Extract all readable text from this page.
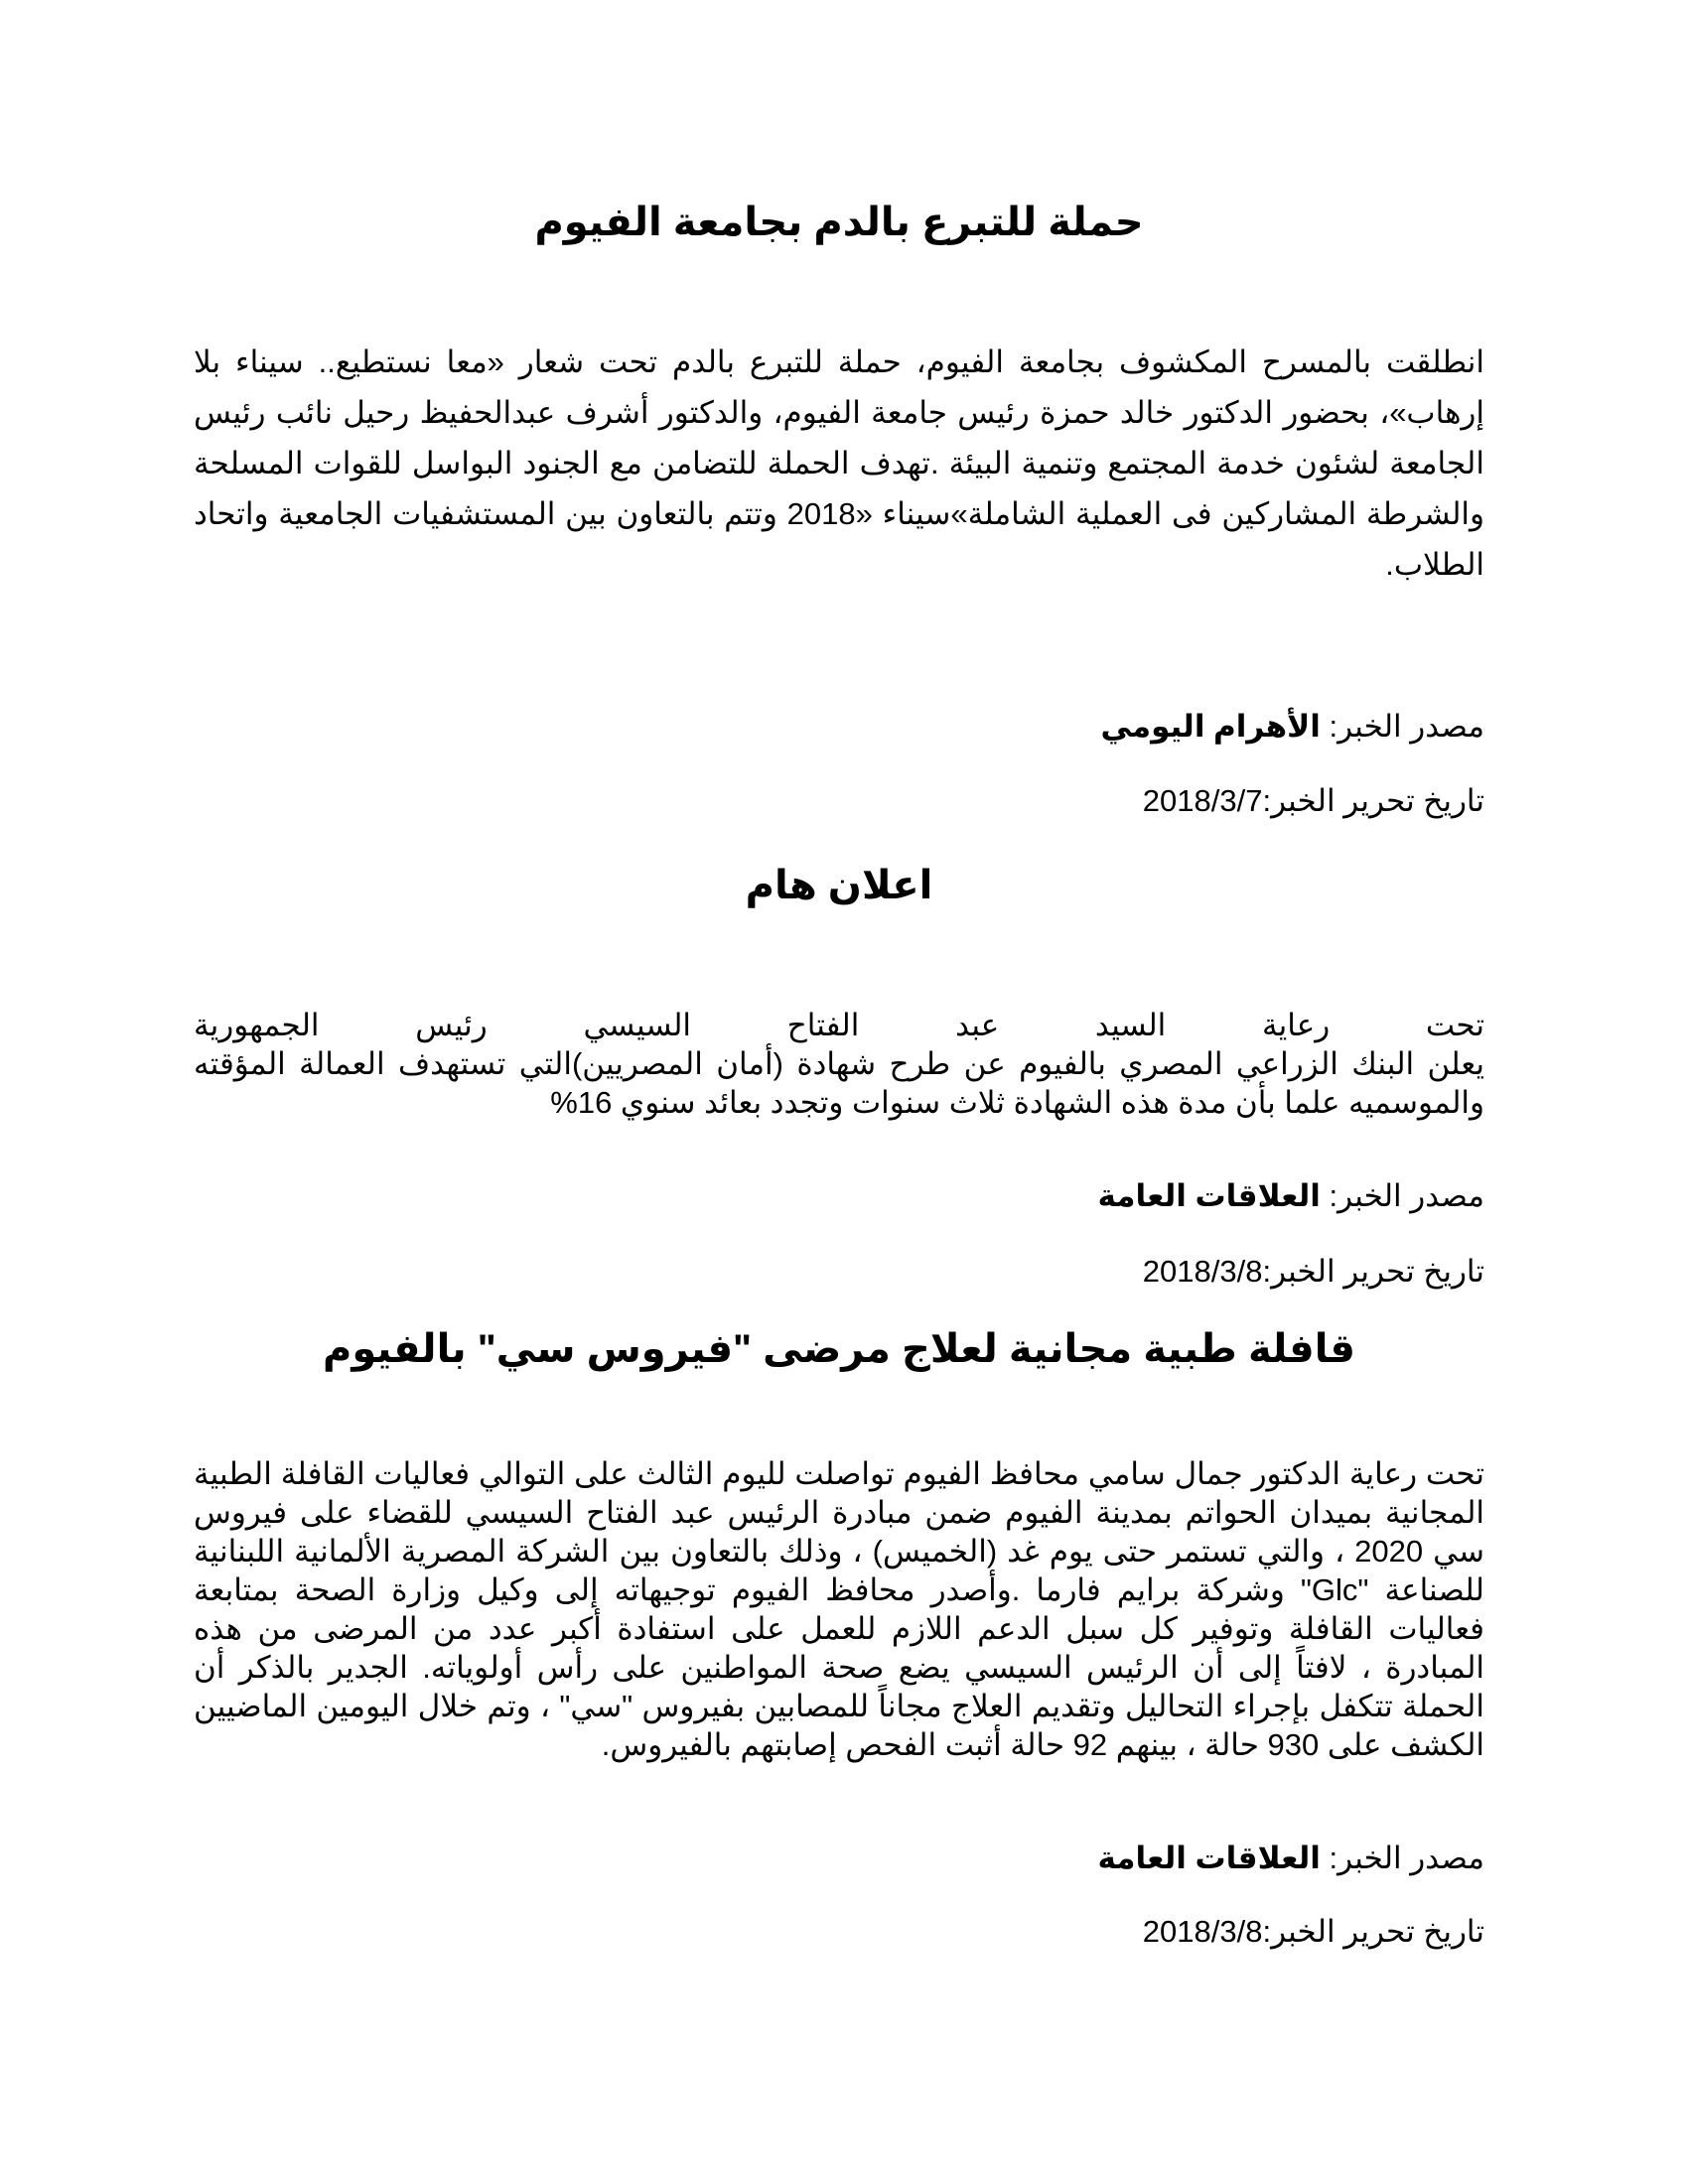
حملة للتبرع بالدم بجامعة الفيوم

انطلقت بالمسرح المكشوف بجامعة الفيوم، حملة للتبرع بالدم تحت شعار «معا نستطيع.. سيناء بلا إرهاب»، بحضور الدكتور خالد حمزة رئيس جامعة الفيوم، والدكتور أشرف عبدالحفيظ رحيل نائب رئيس الجامعة لشئون خدمة المجتمع وتنمية البيئة .تهدف الحملة للتضامن مع الجنود البواسل للقوات المسلحة والشرطة المشاركين فى العملية الشاملة»سيناء «2018 وتتم بالتعاون بين المستشفيات الجامعية واتحاد الطلاب.

مصدر الخبر: الأهرام اليومي

تاريخ تحرير الخبر:2018/3/7

اعلان هام
تحت
رعاية
السيد
عبد
الفتاح
السيسي
رئيس
الجمهورية

يعلن البنك الزراعي المصري بالفيوم عن طرح شهادة (أمان المصريين)التي تستهدف العمالة المؤقته والموسميه علما بأن مدة هذه الشهادة ثلاث سنوات وتجدد بعائد سنوي 16%

مصدر الخبر: العلاقات العامة

تاريخ تحرير الخبر:2018/3/8

قافلة طبية مجانية لعلاج مرضى "فيروس سي" بالفيوم

تحت رعاية الدكتور جمال سامي محافظ الفيوم تواصلت لليوم الثالث على التوالي فعاليات القافلة الطبية المجانية بميدان الحواتم بمدينة الفيوم ضمن مبادرة الرئيس عبد الفتاح السيسي للقضاء على فيروس سي 2020 ، والتي تستمر حتى يوم غد (الخميس) ، وذلك بالتعاون بين الشركة المصرية الألمانية اللبنانية للصناعة "Glc" وشركة برايم فارما .وأصدر محافظ الفيوم توجيهاته إلى وكيل وزارة الصحة بمتابعة فعاليات القافلة وتوفير كل سبل الدعم اللازم للعمل على استفادة أكبر عدد من المرضى من هذه المبادرة ، لافتاً إلى أن الرئيس السيسي يضع صحة المواطنين على رأس أولوياته. الجدير بالذكر أن الحملة تتكفل بإجراء التحاليل وتقديم العلاج مجاناً للمصابين بفيروس "سي" ، وتم خلال اليومين الماضيين الكشف على 930 حالة ، بينهم 92 حالة أثبت الفحص إصابتهم بالفيروس.

مصدر الخبر: العلاقات العامة

تاريخ تحرير الخبر:2018/3/8
